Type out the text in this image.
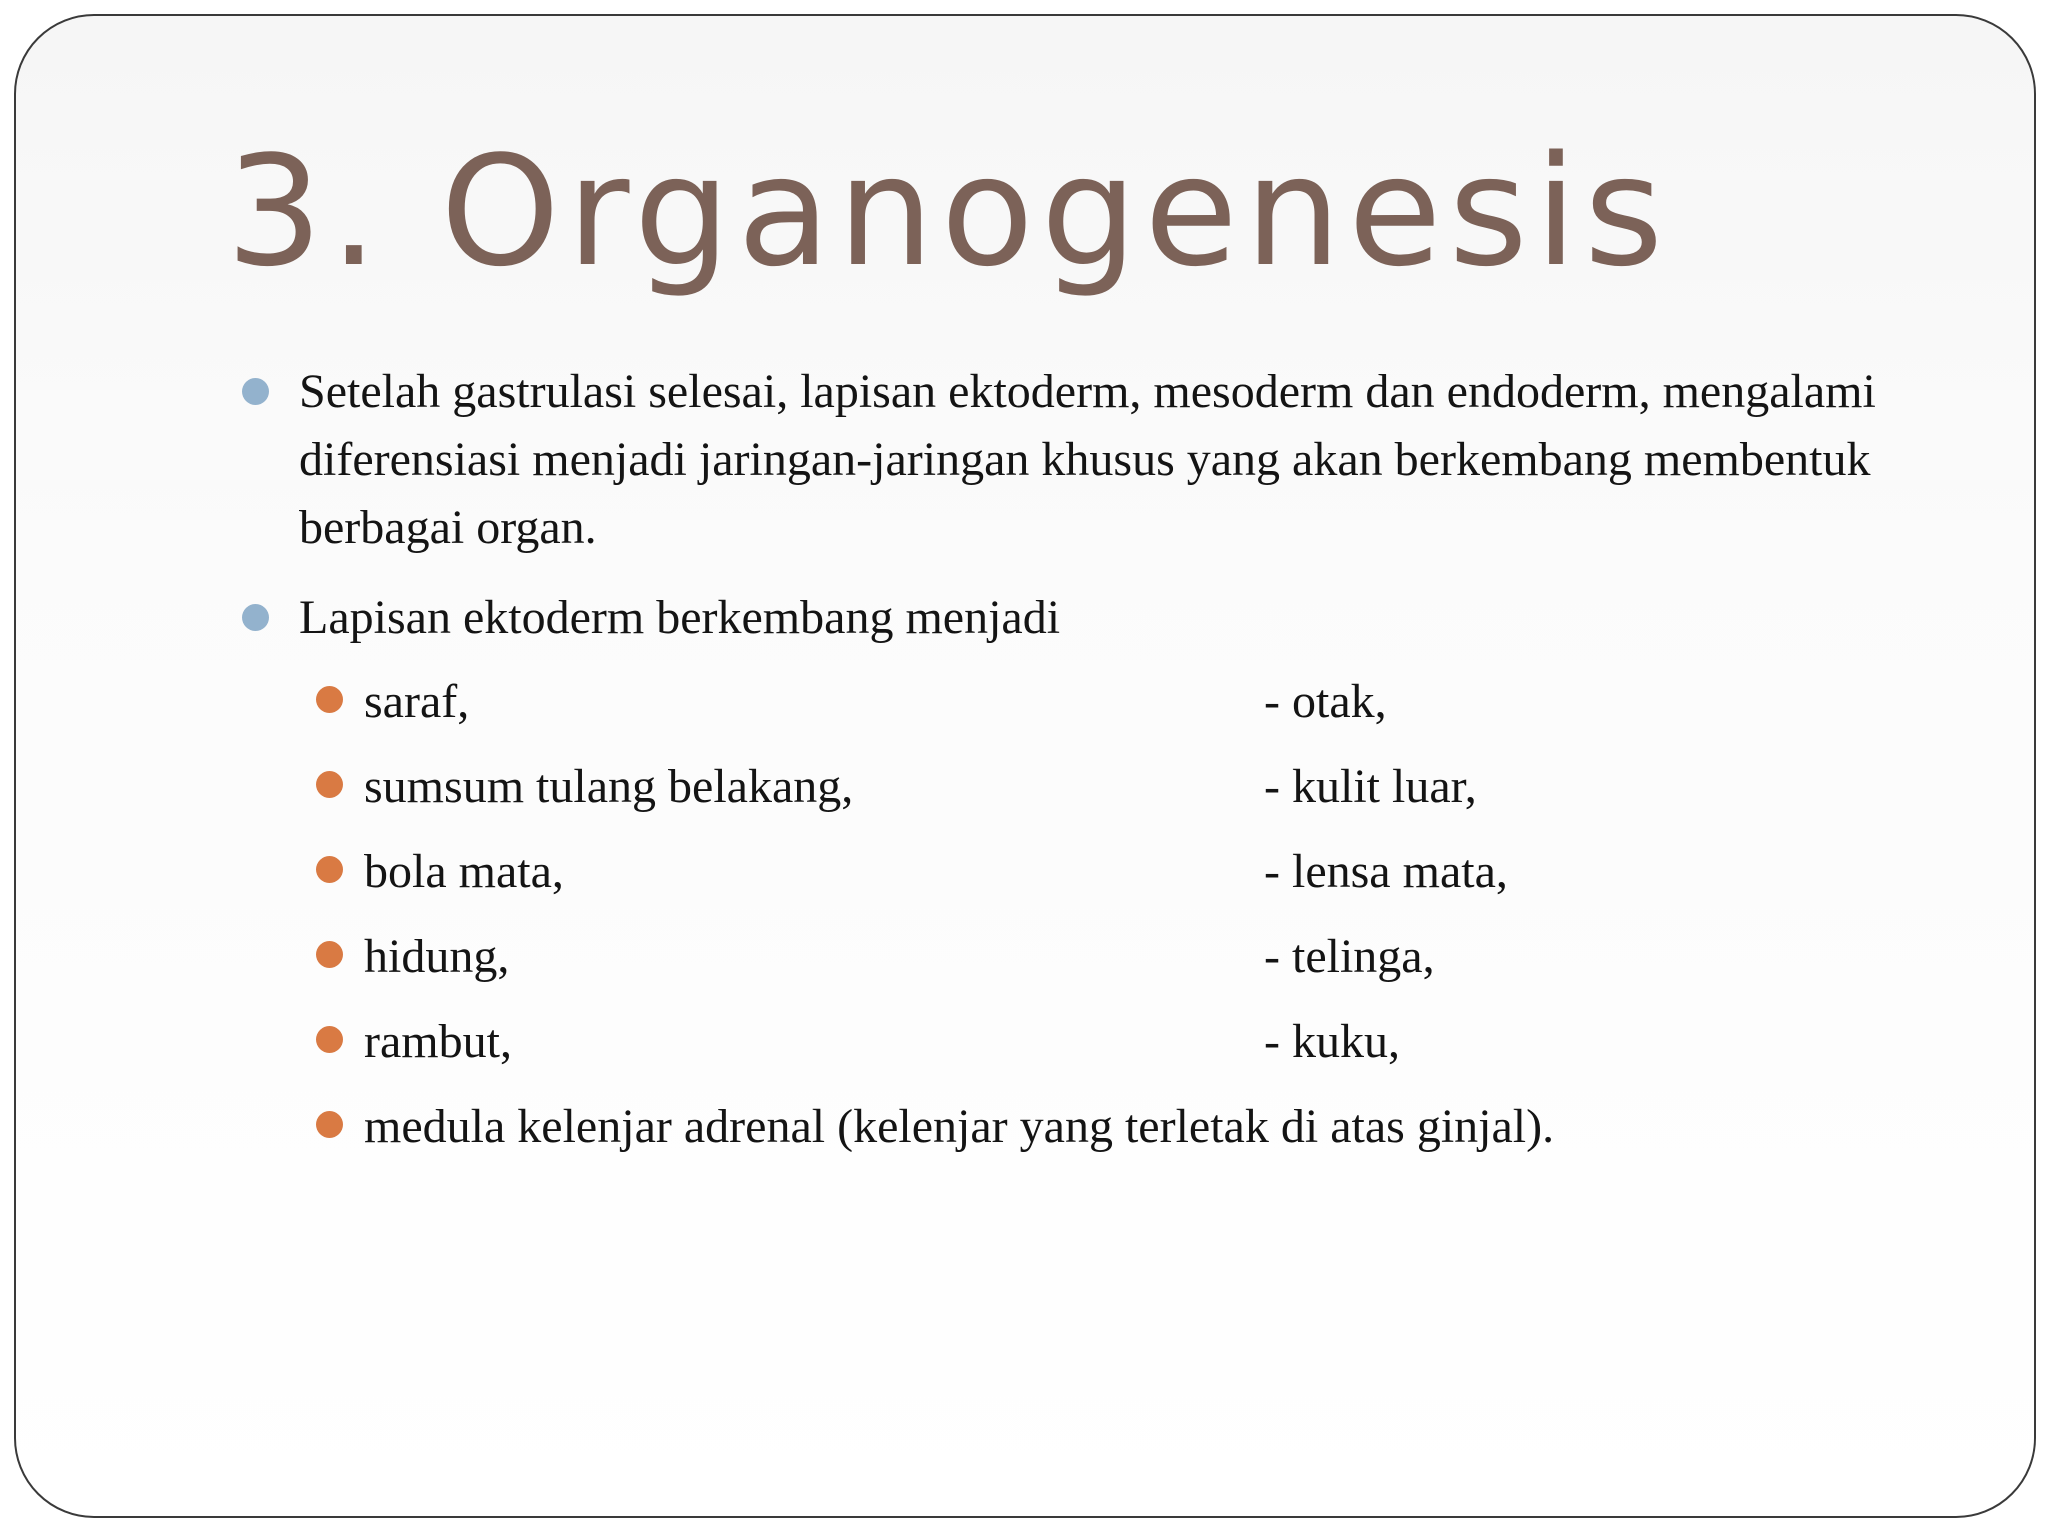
3. Organogenesis
Setelah gastrulasi selesai, lapisan ektoderm, mesoderm dan endoderm, mengalami diferensiasi menjadi jaringan-jaringan khusus yang akan berkembang membentuk berbagai organ.
Lapisan ektoderm berkembang menjadi
saraf,	- otak,
sumsum tulang belakang,	- kulit luar,
bola mata,	- lensa mata,
hidung,	- telinga,
rambut,	- kuku,
medula kelenjar adrenal (kelenjar yang terletak di atas ginjal).
